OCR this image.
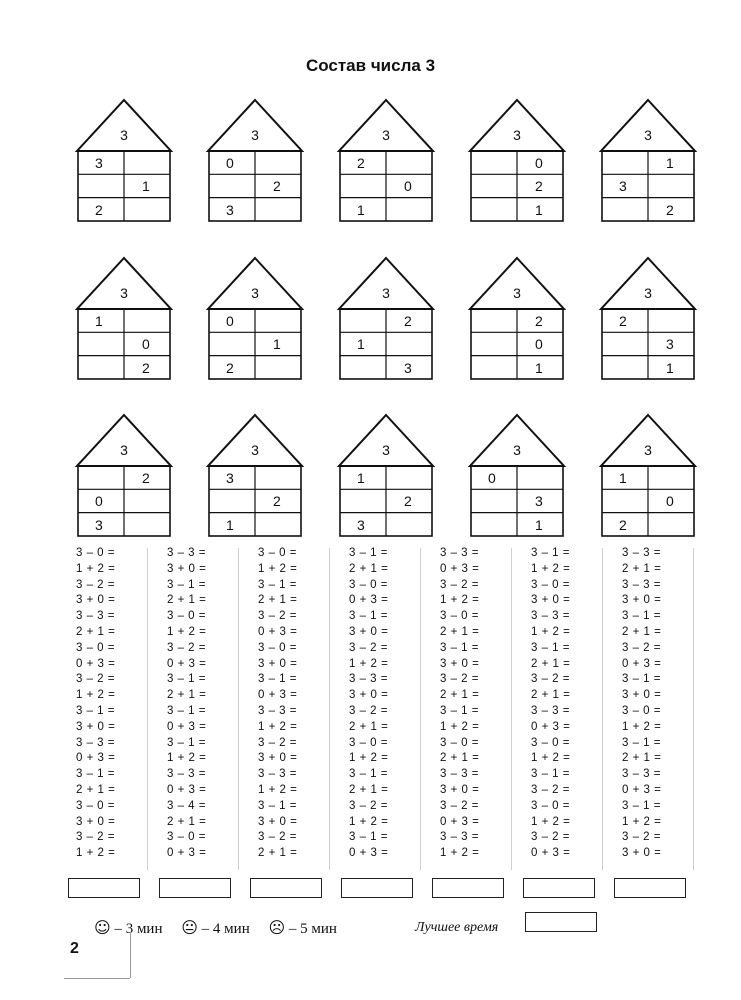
Состав числа 3
3
3
1
2
3
0
2
3
3
2
0
1
3
0
2
1
3
1
3
2
3
1
0
2
3
0
1
2
3
2
1
3
3
2
0
1
3
2
3
1
3
2
0
3
3
3
2
1
3
1
2
3
3
0
3
1
3
1
0
2
3 – 0 =
1 + 2 =
3 – 2 =
3 + 0 =
3 – 3 =
2 + 1 =
3 – 0 =
0 + 3 =
3 – 2 =
1 + 2 =
3 – 1 =
3 + 0 =
3 – 3 =
0 + 3 =
3 – 1 =
2 + 1 =
3 – 0 =
3 + 0 =
3 – 2 =
1 + 2 =
3 – 3 =
3 + 0 =
3 – 1 =
2 + 1 =
3 – 0 =
1 + 2 =
3 – 2 =
0 + 3 =
3 – 1 =
2 + 1 =
3 – 1 =
0 + 3 =
3 – 1 =
1 + 2 =
3 – 3 =
0 + 3 =
3 – 4 =
2 + 1 =
3 – 0 =
0 + 3 =
3 – 0 =
1 + 2 =
3 – 1 =
2 + 1 =
3 – 2 =
0 + 3 =
3 – 0 =
3 + 0 =
3 – 1 =
0 + 3 =
3 – 3 =
1 + 2 =
3 – 2 =
3 + 0 =
3 – 3 =
1 + 2 =
3 – 1 =
3 + 0 =
3 – 2 =
2 + 1 =
3 – 1 =
2 + 1 =
3 – 0 =
0 + 3 =
3 – 1 =
3 + 0 =
3 – 2 =
1 + 2 =
3 – 3 =
3 + 0 =
3 – 2 =
2 + 1 =
3 – 0 =
1 + 2 =
3 – 1 =
2 + 1 =
3 – 2 =
1 + 2 =
3 – 1 =
0 + 3 =
3 – 3 =
0 + 3 =
3 – 2 =
1 + 2 =
3 – 0 =
2 + 1 =
3 – 1 =
3 + 0 =
3 – 2 =
2 + 1 =
3 – 1 =
1 + 2 =
3 – 0 =
2 + 1 =
3 – 3 =
3 + 0 =
3 – 2 =
0 + 3 =
3 – 3 =
1 + 2 =
3 – 1 =
1 + 2 =
3 – 0 =
3 + 0 =
3 – 3 =
1 + 2 =
3 – 1 =
2 + 1 =
3 – 2 =
2 + 1 =
3 – 3 =
0 + 3 =
3 – 0 =
1 + 2 =
3 – 1 =
3 – 2 =
3 – 0 =
1 + 2 =
3 – 2 =
0 + 3 =
3 – 3 =
2 + 1 =
3 – 3 =
3 + 0 =
3 – 1 =
2 + 1 =
3 – 2 =
0 + 3 =
3 – 1 =
3 + 0 =
3 – 0 =
1 + 2 =
3 – 1 =
2 + 1 =
3 – 3 =
0 + 3 =
3 – 1 =
1 + 2 =
3 – 2 =
3 + 0 =
☺ – 3 мин 😐 – 4 мин ☹ – 5 мин	Лучшее время
2
